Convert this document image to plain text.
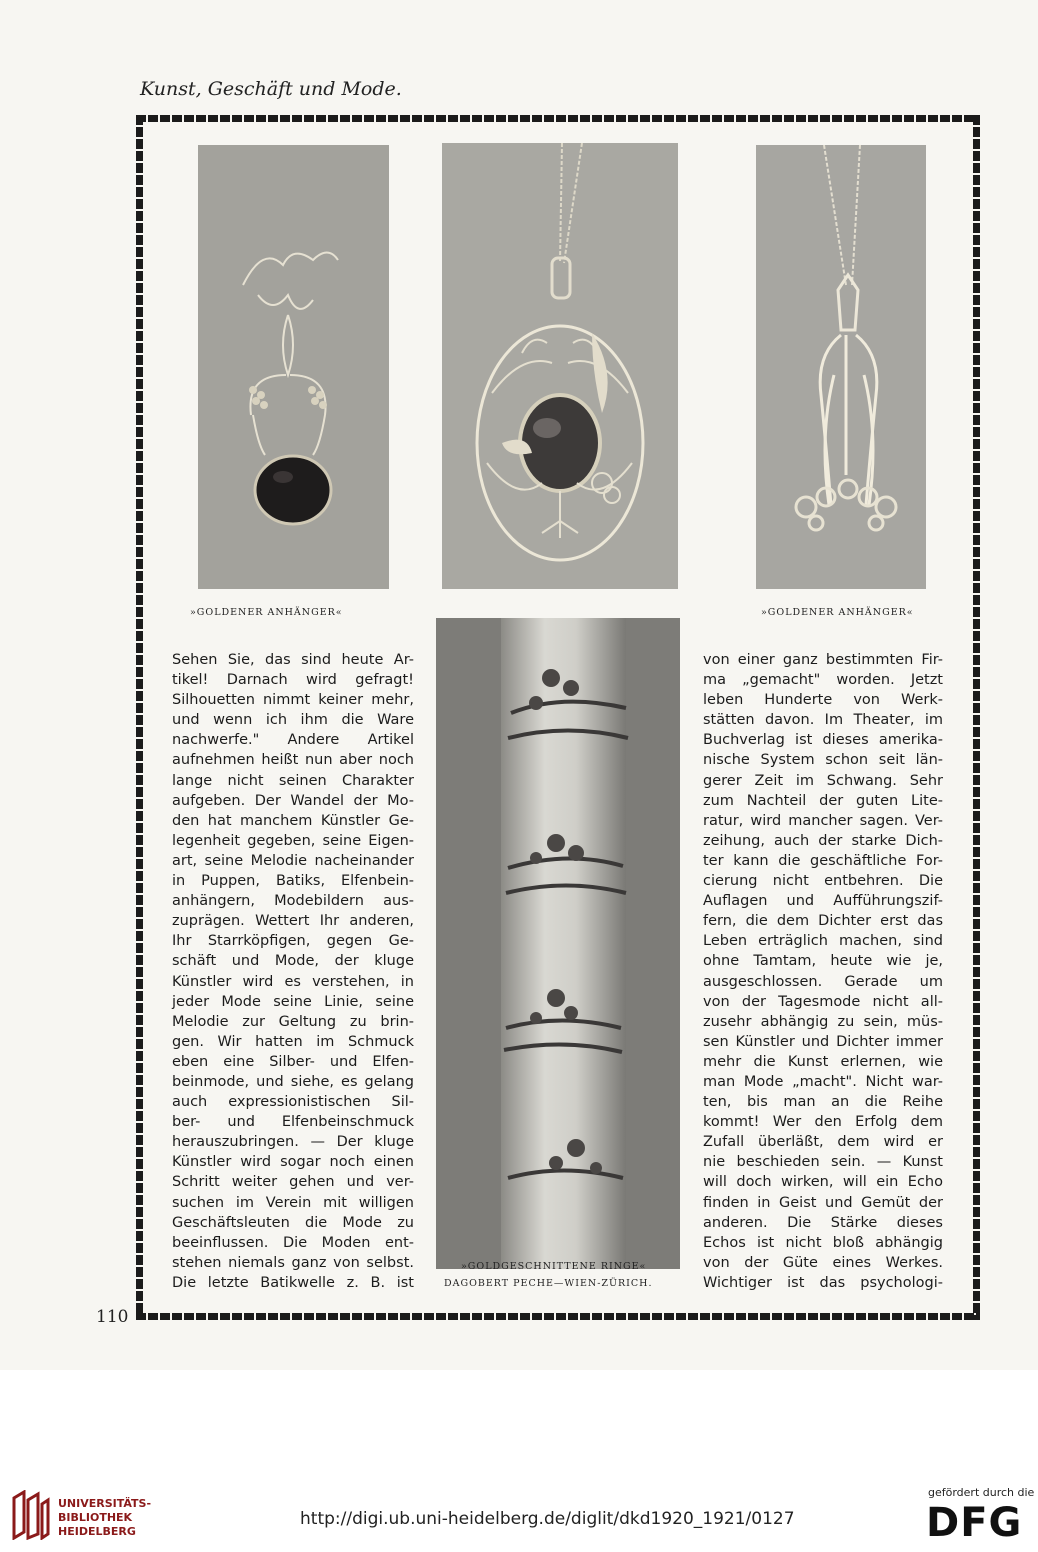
Kunst, Geschäft und Mode.
»GOLDENER ANHÄNGER«	»GOLDENER ANHÄNGER«
»GOLDGESCHNITTENE RINGE«
DAGOBERT PECHE—WIEN-ZÜRICH.
Sehen Sie, das sind heute Ar-
tikel! Darnach wird gefragt!
Silhouetten nimmt keiner mehr,
und wenn ich ihm die Ware
nachwerfe." Andere Artikel
aufnehmen heißt nun aber noch
lange nicht seinen Charakter
aufgeben. Der Wandel der Mo-
den hat manchem Künstler Ge-
legenheit gegeben, seine Eigen-
art, seine Melodie nacheinander
in Puppen, Batiks, Elfenbein-
anhängern, Modebildern aus-
zuprägen. Wettert Ihr anderen,
Ihr Starrköpfigen, gegen Ge-
schäft und Mode, der kluge
Künstler wird es verstehen, in
jeder Mode seine Linie, seine
Melodie zur Geltung zu brin-
gen. Wir hatten im Schmuck
eben eine Silber- und Elfen-
beinmode, und siehe, es gelang
auch expressionistischen Sil-
ber- und Elfenbeinschmuck
herauszubringen. — Der kluge
Künstler wird sogar noch einen
Schritt weiter gehen und ver-
suchen im Verein mit willigen
Geschäftsleuten die Mode zu
beeinflussen. Die Moden ent-
stehen niemals ganz von selbst.
Die letzte Batikwelle z. B. ist
von einer ganz bestimmten Fir-
ma „gemacht" worden. Jetzt
leben Hunderte von Werk-
stätten davon. Im Theater, im
Buchverlag ist dieses amerika-
nische System schon seit län-
gerer Zeit im Schwang. Sehr
zum Nachteil der guten Lite-
ratur, wird mancher sagen. Ver-
zeihung, auch der starke Dich-
ter kann die geschäftliche For-
cierung nicht entbehren. Die
Auflagen und Aufführungszif-
fern, die dem Dichter erst das
Leben erträglich machen, sind
ohne Tamtam, heute wie je,
ausgeschlossen. Gerade um
von der Tagesmode nicht all-
zusehr abhängig zu sein, müs-
sen Künstler und Dichter immer
mehr die Kunst erlernen, wie
man Mode „macht". Nicht war-
ten, bis man an die Reihe
kommt! Wer den Erfolg dem
Zufall überläßt, dem wird er
nie beschieden sein. — Kunst
will doch wirken, will ein Echo
finden in Geist und Gemüt der
anderen. Die Stärke dieses
Echos ist nicht bloß abhängig
von der Güte eines Werkes.
Wichtiger ist das psychologi-
110
UNIVERSITÄTS-
BIBLIOTHEK
HEIDELBERG
http://digi.ub.uni-heidelberg.de/diglit/dkd1920_1921/0127
gefördert durch die
DFG
